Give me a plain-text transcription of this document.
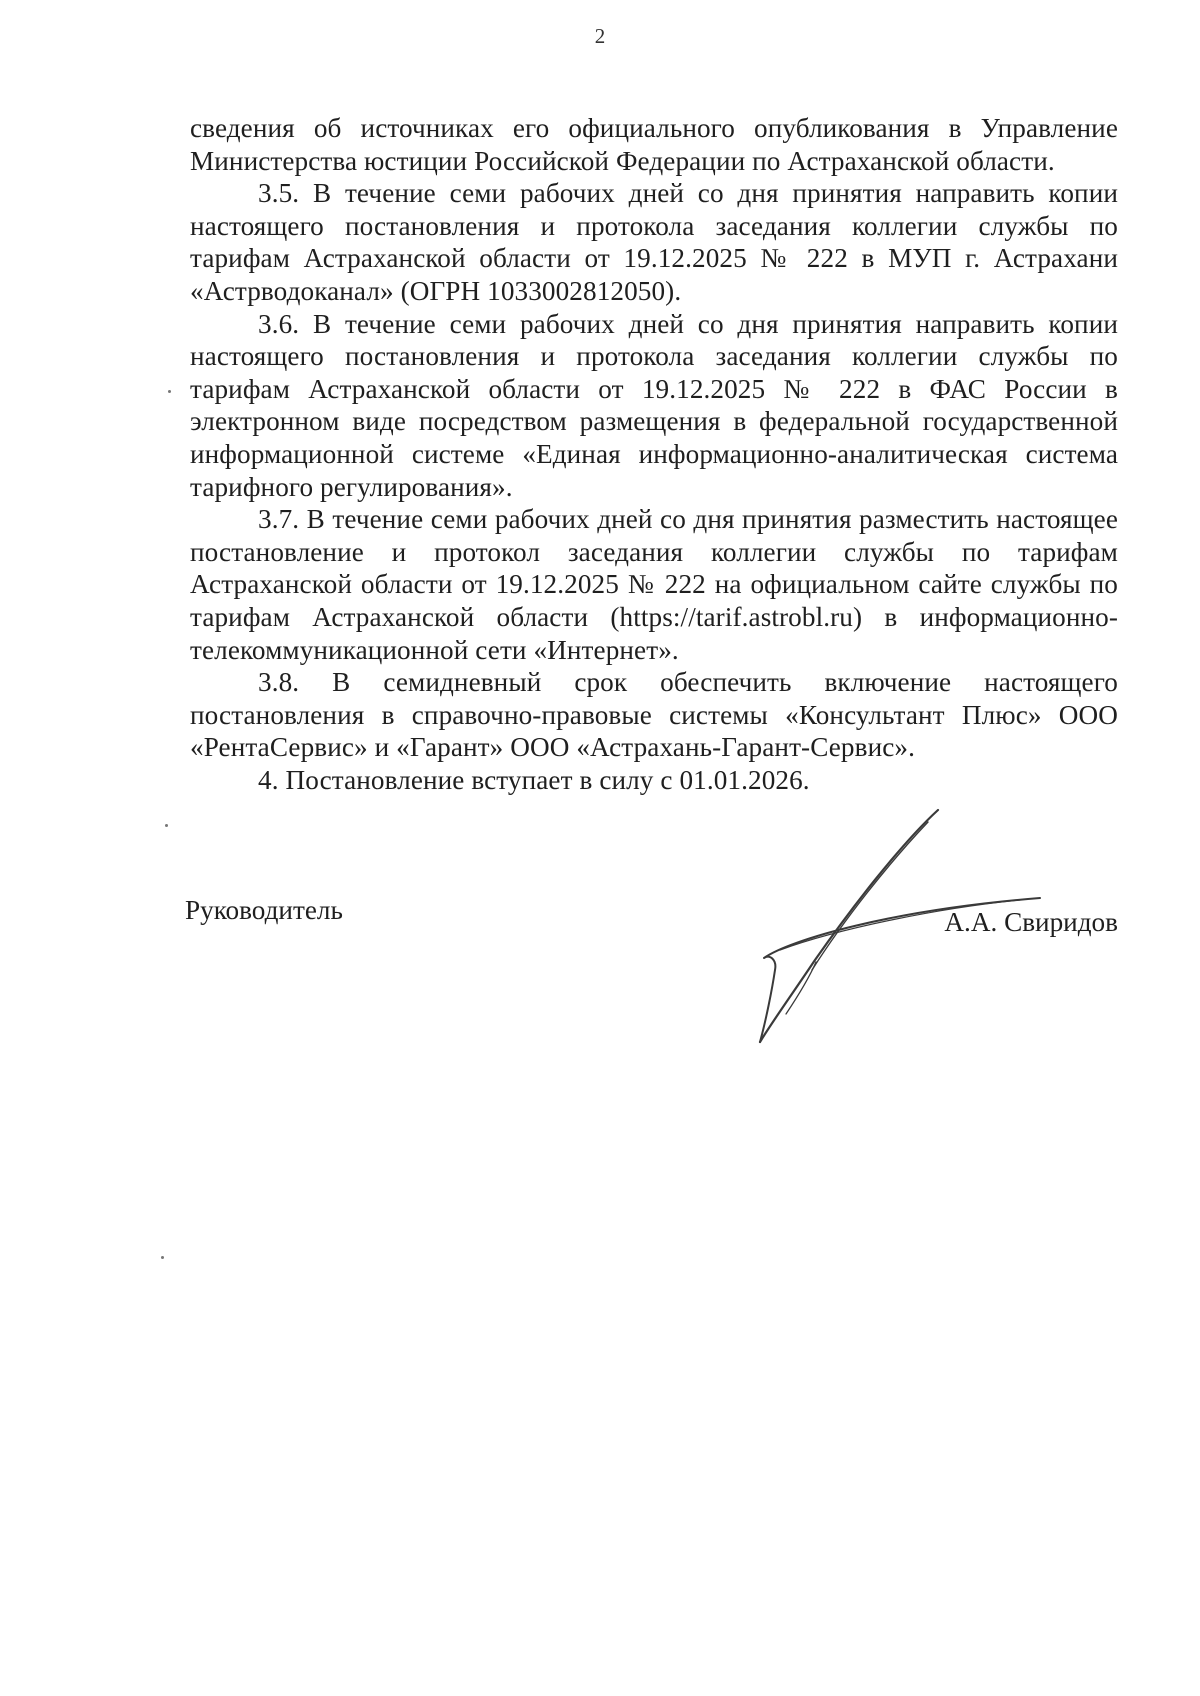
2

сведения об источниках его официального опубликования в Управление Министерства юстиции Российской Федерации по Астраханской области.

3.5. В течение семи рабочих дней со дня принятия направить копии настоящего постановления и протокола заседания коллегии службы по тарифам Астраханской области от 19.12.2025 № 222 в МУП г. Астрахани «Астрводоканал» (ОГРН 1033002812050).

3.6. В течение семи рабочих дней со дня принятия направить копии настоящего постановления и протокола заседания коллегии службы по тарифам Астраханской области от 19.12.2025 № 222 в ФАС России в электронном виде посредством размещения в федеральной государственной информационной системе «Единая информационно-аналитическая система тарифного регулирования».

3.7. В течение семи рабочих дней со дня принятия разместить настоящее постановление и протокол заседания коллегии службы по тарифам Астраханской области от 19.12.2025 № 222 на официальном сайте службы по тарифам Астраханской области (https://tarif.astrobl.ru) в информационно-телекоммуникационной сети «Интернет».

3.8. В семидневный срок обеспечить включение настоящего постановления в справочно-правовые системы «Консультант Плюс» ООО «РентаСервис» и «Гарант» ООО «Астрахань-Гарант-Сервис».

4. Постановление вступает в силу с 01.01.2026.

Руководитель	А.А. Свиридов
